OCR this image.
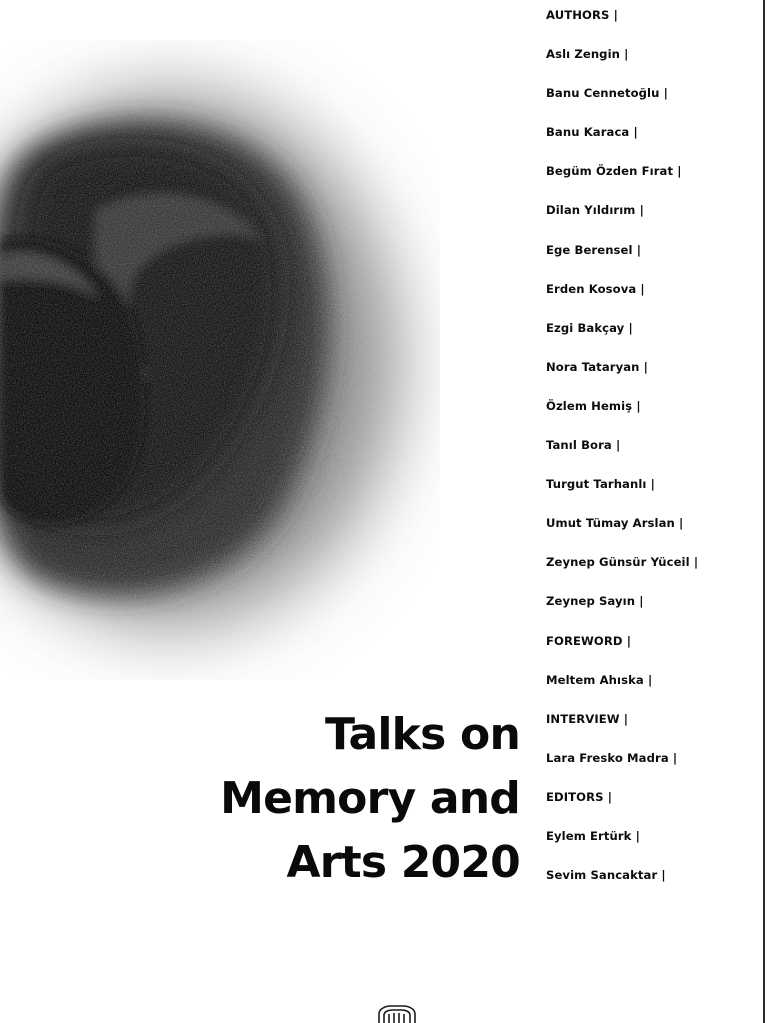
AUTHORS |
Aslı Zengin |
Banu Cennetoğlu |
Banu Karaca |
Begüm Özden Fırat |
Dilan Yıldırım |
Ege Berensel |
Erden Kosova |
Ezgi Bakçay |
Nora Tataryan |
Özlem Hemiş |
Tanıl Bora |
Turgut Tarhanlı |
Umut Tümay Arslan |
Zeynep Günsür Yüceil |
Zeynep Sayın |
FOREWORD |
Meltem Ahıska |
INTERVIEW |
Lara Fresko Madra |
EDITORS |
Eylem Ertürk |
Sevim Sancaktar |
Talks on
Memory and
Arts 2020
